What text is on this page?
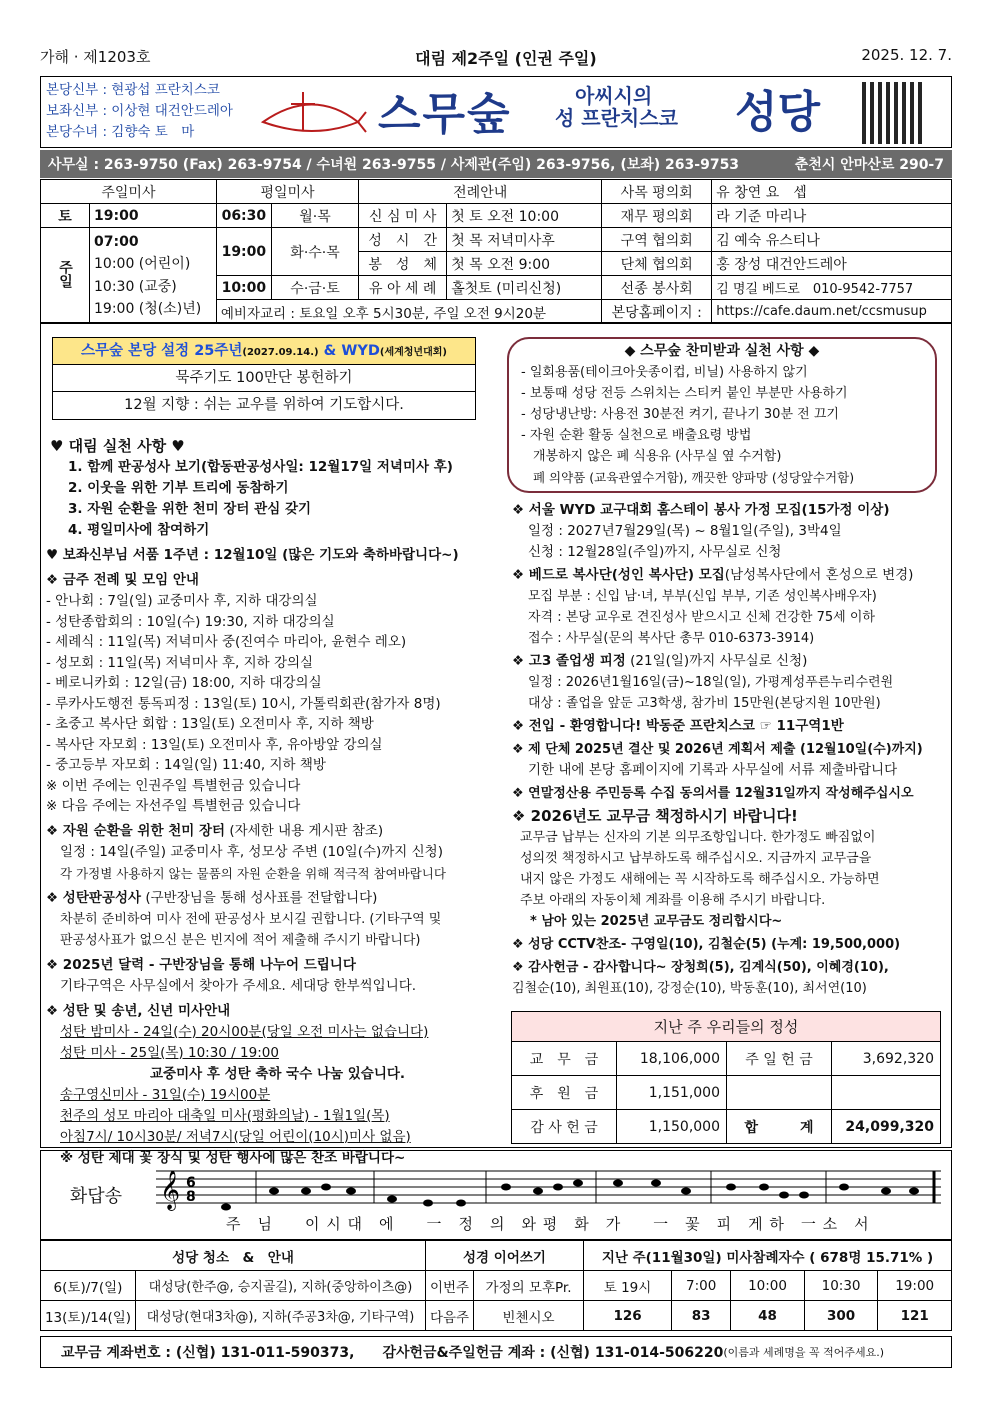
가해 · 제1203호	대림 제2주일 (인권 주일)	2025. 12. 7.
본당신부 : 현광섭 프란치스코
보좌신부 : 이상현 대건안드레아
본당수녀 : 김향숙 토　마	스무숲	아씨시의
성 프란치스코 성당
사무실 : 263-9750 (Fax) 263-9754 / 수녀원 263-9755 / 사제관(주임) 263-9756, (보좌) 263-9753	춘천시 안마산로 290-7
주일미사		평일미사		전례안내		사목 평의회	유 창연 요　셉
토	19:00	06:30	월·목	신 심 미 사	첫 토 오전 10:00	재무 평의회	라 기준 마리나
주일	07:00
10:00 (어린이)
10:30 (교중)
19:00 (청(소)년)	19:00	화·수·목	성　시　간	첫 목 저녁미사후	구역 협의회	김 예숙 유스티나
				봉　성　체	첫 목 오전 9:00	단체 협의회	홍 장성 대건안드레아
		10:00	수·금·토	유 아 세 례	홀첫토 (미리신청)	선종 봉사회	김 명길 베드로　010-9542-7757
		예비자교리 : 토요일 오후 5시30분, 주일 오전 9시20분				본당홈페이지 :	https://cafe.daum.net/ccsmusup
스무숲 본당 설정 25주년(2027.09.14.) & WYD(세계청년대회)
묵주기도 100만단 봉헌하기
12월 지향 : 쉬는 교우를 위하여 기도합시다.
♥ 대림 실천 사항 ♥
1. 함께 판공성사 보기(합동판공성사일: 12월17일 저녁미사 후)
2. 이웃을 위한 기부 트리에 동참하기
3. 자원 순환을 위한 천미 장터 관심 갖기
4. 평일미사에 참여하기
♥ 보좌신부님 서품 1주년 : 12월10일 (많은 기도와 축하바랍니다~)
❖ 금주 전례 및 모임 안내
- 안나회 : 7일(일) 교중미사 후, 지하 대강의실
- 성탄종합회의 : 10일(수) 19:30, 지하 대강의실
- 세례식 : 11일(목) 저녁미사 중(진여수 마리아, 윤현수 레오)
- 성모회 : 11일(목) 저녁미사 후, 지하 강의실
- 베로니카회 : 12일(금) 18:00, 지하 대강의실
- 루카사도행전 통독피정 : 13일(토) 10시, 가톨릭회관(참가자 8명)
- 초중고 복사단 회합 : 13일(토) 오전미사 후, 지하 책방
- 복사단 자모회 : 13일(토) 오전미사 후, 유아방앞 강의실
- 중고등부 자모회 : 14일(일) 11:40, 지하 책방
※ 이번 주에는 인권주일 특별헌금 있습니다
※ 다음 주에는 자선주일 특별헌금 있습니다
❖ 자원 순환을 위한 천미 장터 (자세한 내용 게시판 참조)
일정 : 14일(주일) 교중미사 후, 성모상 주변 (10일(수)까지 신청)
각 가정별 사용하지 않는 물품의 자원 순환을 위해 적극적 참여바랍니다
❖ 성탄판공성사 (구반장님을 통해 성사표를 전달합니다)
차분히 준비하여 미사 전에 판공성사 보시길 권합니다. (기타구역 및
판공성사표가 없으신 분은 빈지에 적어 제출해 주시기 바랍니다)
❖ 2025년 달력 - 구반장님을 통해 나누어 드립니다
기타구역은 사무실에서 찾아가 주세요. 세대당 한부씩입니다.
❖ 성탄 및 송년, 신년 미사안내
성탄 밤미사 - 24일(수) 20시00분(당일 오전 미사는 없습니다)
성탄 미사 - 25일(목) 10:30 / 19:00
교중미사 후 성탄 축하 국수 나눔 있습니다.
송구영신미사 - 31일(수) 19시00분
천주의 성모 마리아 대축일 미사(평화의날) - 1월1일(목)
아침7시/ 10시30분/ 저녁7시(당일 어린이(10시)미사 없음)
※ 성탄 제대 꽃 장식 및 성탄 행사에 많은 찬조 바랍니다~
◆ 스무숲 찬미받과 실천 사항 ◆
- 일회용품(테이크아웃종이컵, 비닐) 사용하지 않기
- 보통때 성당 전등 스위치는 스티커 붙인 부분만 사용하기
- 성당냉난방: 사용전 30분전 켜기, 끝나기 30분 전 끄기
- 자원 순환 활동 실천으로 배출요령 방법
개봉하지 않은 폐 식용유 (사무실 옆 수거함)
폐 의약품 (교육관옆수거함), 깨끗한 양파망 (성당앞수거함)
❖ 서울 WYD 교구대회 홈스테이 봉사 가정 모집(15가정 이상)
일정 : 2027년7월29일(목) ~ 8월1일(주일), 3박4일
신청 : 12월28일(주일)까지, 사무실로 신청
❖ 베드로 복사단(성인 복사단) 모집(남성복사단에서 혼성으로 변경)
모집 부분 : 신입 남·녀, 부부(신입 부부, 기존 성인복사배우자)
자격 : 본당 교우로 견진성사 받으시고 신체 건강한 75세 이하
접수 : 사무실(문의 복사단 총무 010-6373-3914)
❖ 고3 졸업생 피정 (21일(일)까지 사무실로 신청)
일정 : 2026년1월16일(금)~18일(일), 가평계성푸른누리수련원
대상 : 졸업을 앞둔 고3학생, 참가비 15만원(본당지원 10만원)
❖ 전입 - 환영합니다! 박동준 프란치스코 ☞ 11구역1반
❖ 제 단체 2025년 결산 및 2026년 계획서 제출 (12월10일(수)까지)
기한 내에 본당 홈페이지에 기록과 사무실에 서류 제출바랍니다
❖ 연말정산용 주민등록 수집 동의서를 12월31일까지 작성해주십시오
❖ 2026년도 교무금 책정하시기 바랍니다!
교무금 납부는 신자의 기본 의무조항입니다. 한가정도 빠짐없이
성의껏 책정하시고 납부하도록 해주십시오. 지금까지 교무금을
내지 않은 가정도 새해에는 꼭 시작하도록 해주십시오. 가능하면
주보 아래의 자동이체 계좌를 이용해 주시기 바랍니다.
* 남아 있는 2025년 교무금도 정리합시다~
❖ 성당 CCTV찬조- 구영일(10), 김철순(5) (누계: 19,500,000)
❖ 감사헌금 - 감사합니다~ 장청희(5), 김계식(50), 이혜경(10),
김철순(10), 최원표(10), 강정순(10), 박동훈(10), 최서연(10)
지난 주 우리들의 정성			
교　무　금	18,106,000	주 일 헌 금	3,692,320
후　원　금	1,151,000		
감 사 헌 금	1,150,000	합　　　계	24,099,320
화답송	𝄞 6
8
주　님　　이 시 대　에　　一　정　의　와 평　화　가　　一　꽃　피　게 하　一 소　서
성당 청소　&　안내		성경 이어쓰기		지난 주(11월30일) 미사참례자수 ( 678명 15.71% )				
6(토)/7(일)	대성당(한주@, 승지골길), 지하(중앙하이츠@)	이번주	가정의 모후Pr.	토 19시	7:00	10:00	10:30	19:00
13(토)/14(일)	대성당(현대3차@), 지하(주공3차@, 기타구역)	다음주	빈첸시오	126	83	48	300	121
교무금 계좌번호 : (신협) 131-011-590373,　　감사헌금&주일헌금 계좌 : (신협) 131-014-506220 (이름과 세례명을 꼭 적어주세요.)
